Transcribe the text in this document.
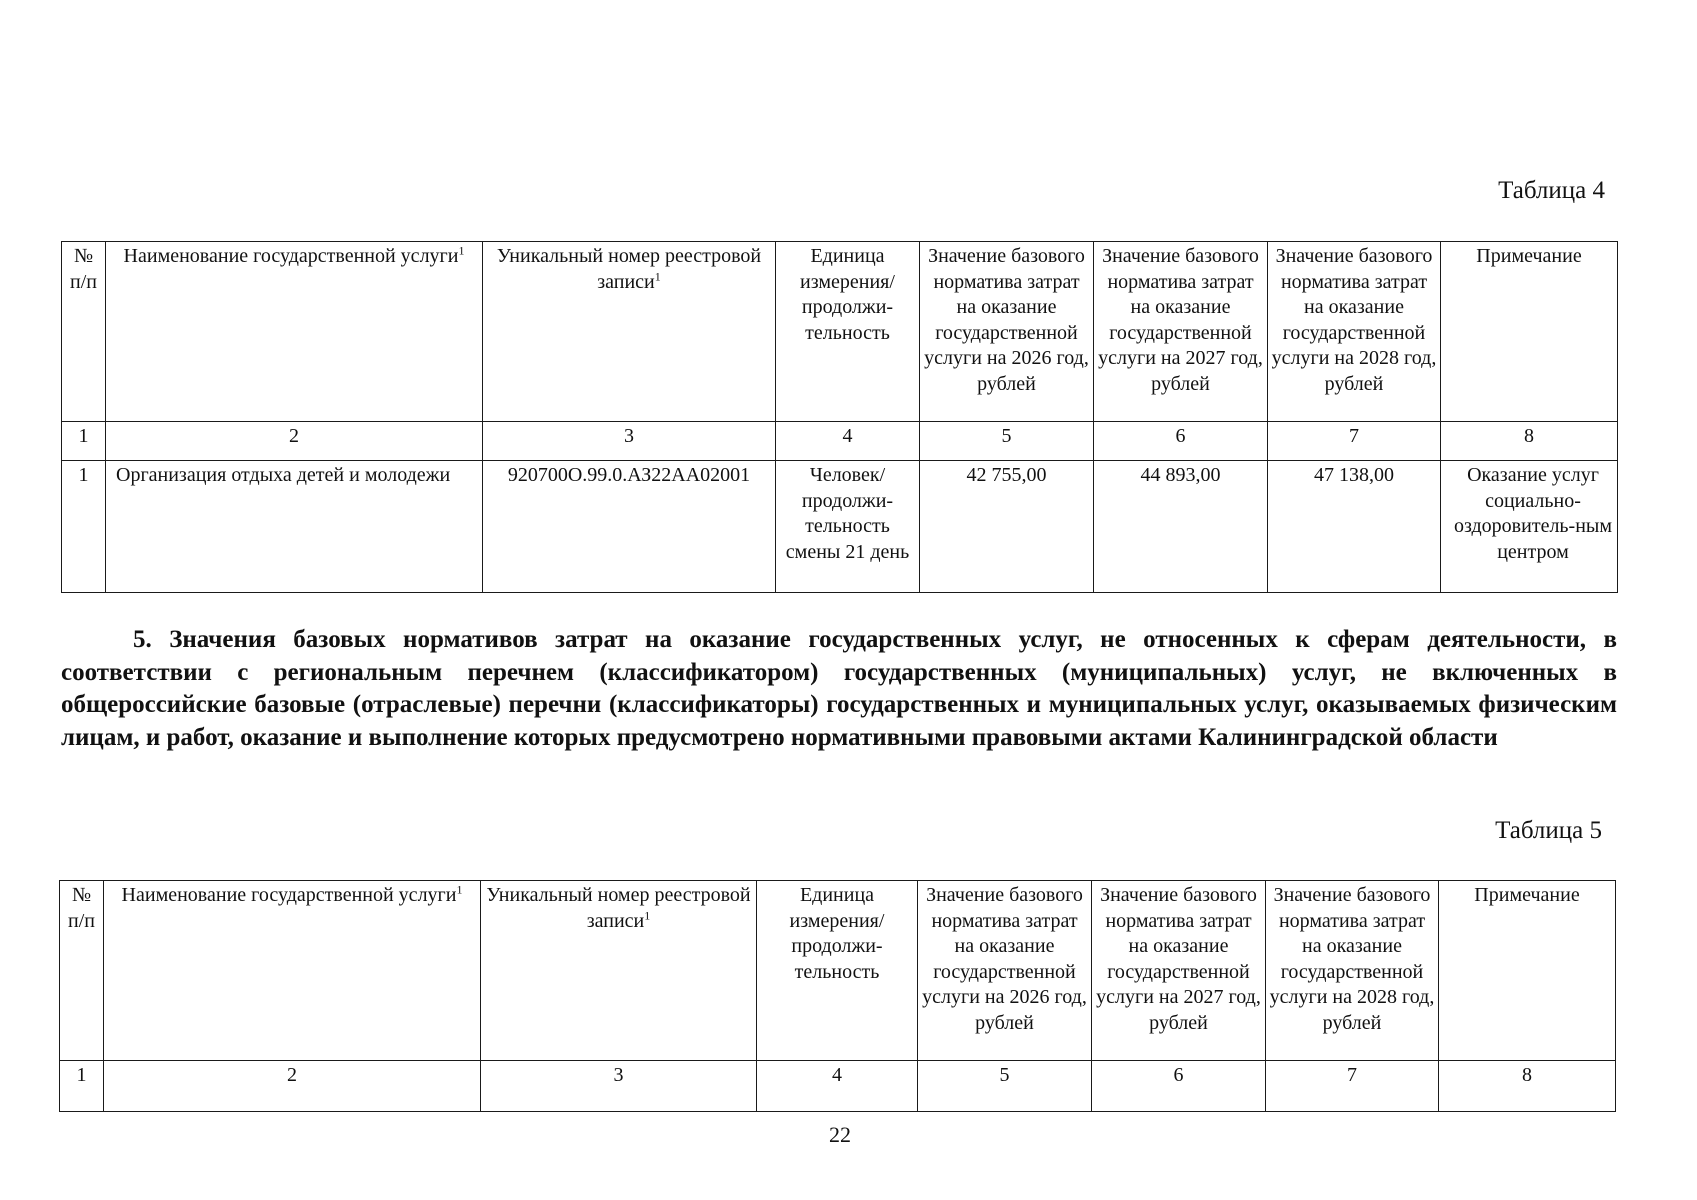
Таблица 4
№ п/п	Наименование государственной услуги$^1$	Уникальный номер реестровой записи$^1$	Единица измерения/ продолжи-тельность	Значение базового норматива затрат на оказание государственной услуги на 2026 год, рублей	Значение базового норматива затрат на оказание государственной услуги на 2027 год, рублей	Значение базового норматива затрат на оказание государственной услуги на 2028 год, рублей	Примечание
1	2	3	4	5	6	7	8
1	Организация отдыха детей и молодежи	920700О.99.0.АЗ22АА02001	Человек/ продолжи-тельность смены 21 день	42 755,00	44 893,00	47 138,00	Оказание услуг социально-оздоровитель-ным центром

5. Значения базовых нормативов затрат на оказание государственных услуг, не относенных к сферам деятельности, в соответствии с региональным перечнем (классификатором) государственных (муниципальных) услуг, не включенных в общероссийские базовые (отраслевые) перечни (классификаторы) государственных и муниципальных услуг, оказываемых физическим лицам, и работ, оказание и выполнение которых предусмотрено нормативными правовыми актами Калининградской области

Таблица 5
№ п/п	Наименование государственной услуги$^1$	Уникальный номер реестровой записи$^1$	Единица измерения/ продолжи-тельность	Значение базового норматива затрат на оказание государственной услуги на 2026 год, рублей	Значение базового норматива затрат на оказание государственной услуги на 2027 год, рублей	Значение базового норматива затрат на оказание государственной услуги на 2028 год, рублей	Примечание
1	2	3	4	5	6	7	8
22
